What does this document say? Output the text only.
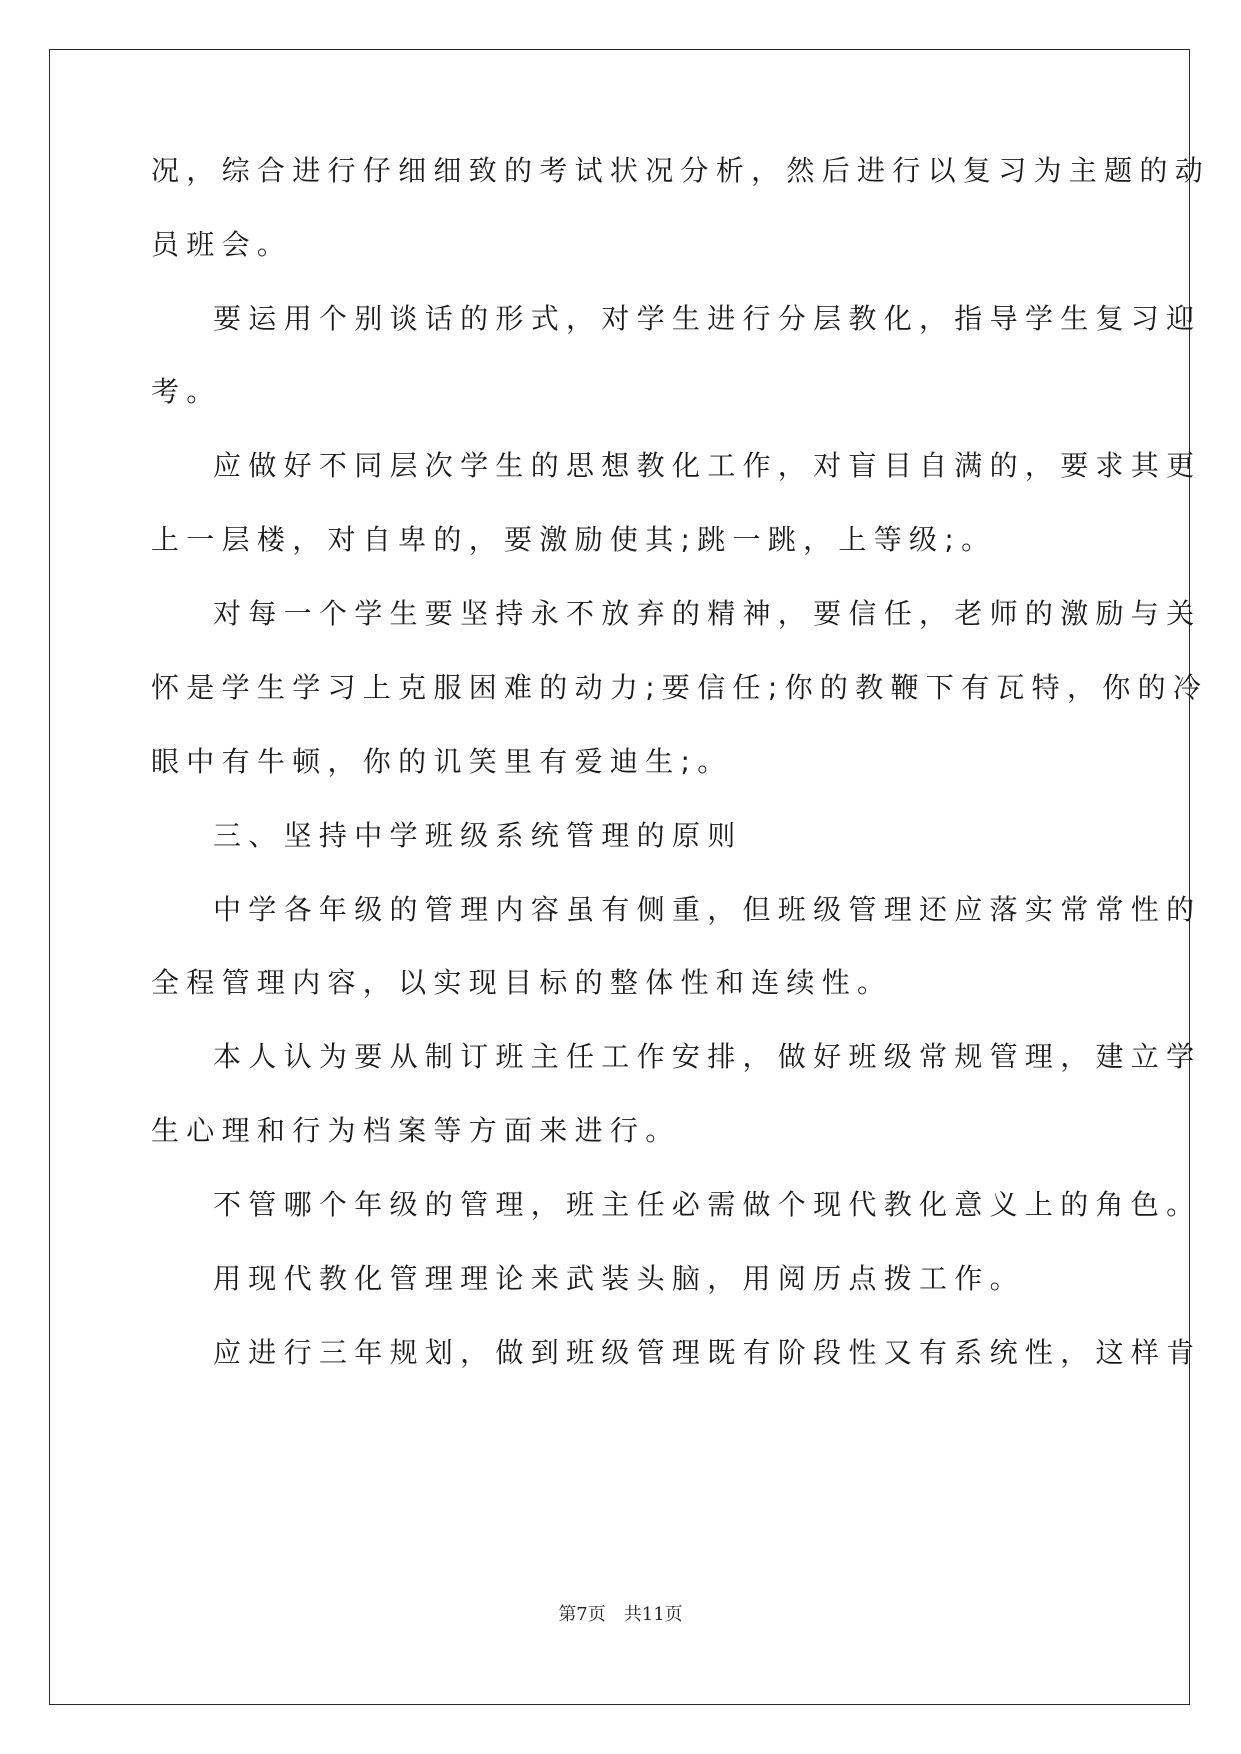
况，综合进行仔细细致的考试状况分析，然后进行以复习为主题的动

员班会。

要运用个别谈话的形式，对学生进行分层教化，指导学生复习迎

考。

应做好不同层次学生的思想教化工作，对盲目自满的，要求其更

上一层楼，对自卑的，要激励使其;跳一跳，上等级;。

对每一个学生要坚持永不放弃的精神，要信任，老师的激励与关

怀是学生学习上克服困难的动力;要信任;你的教鞭下有瓦特，你的冷

眼中有牛顿，你的讥笑里有爱迪生;。

三、坚持中学班级系统管理的原则

中学各年级的管理内容虽有侧重，但班级管理还应落实常常性的

全程管理内容，以实现目标的整体性和连续性。

本人认为要从制订班主任工作安排，做好班级常规管理，建立学

生心理和行为档案等方面来进行。

不管哪个年级的管理，班主任必需做个现代教化意义上的角色。

用现代教化管理理论来武装头脑，用阅历点拨工作。

应进行三年规划，做到班级管理既有阶段性又有系统性，这样肯

第7页 共11页
